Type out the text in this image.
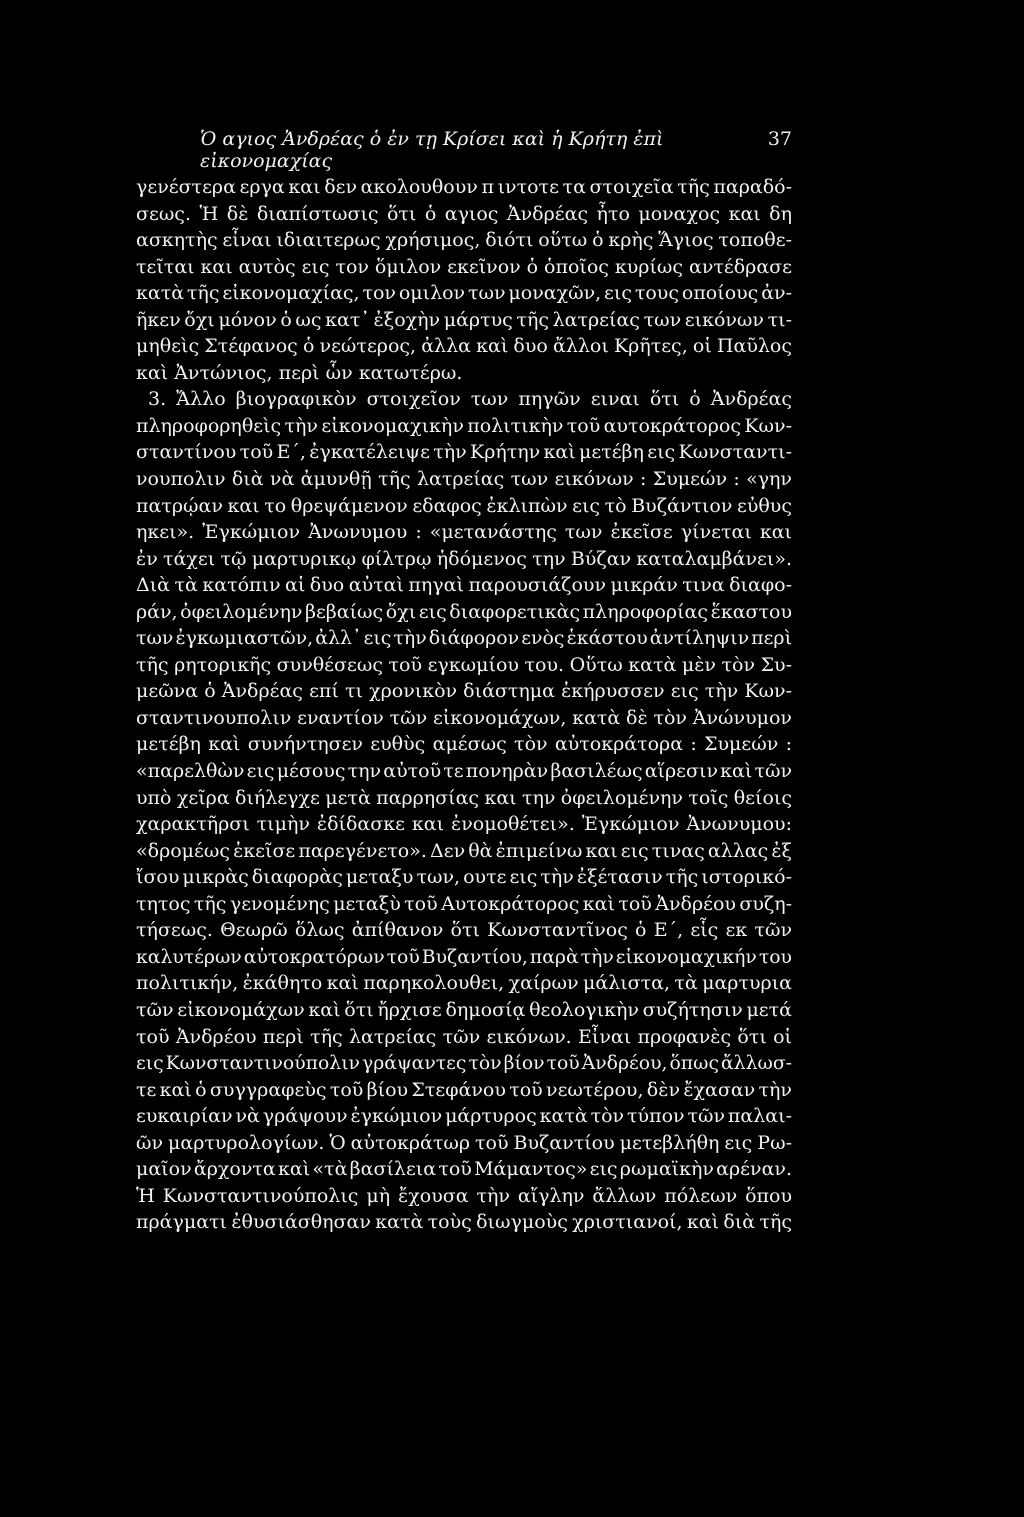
Ὁ αγιος Ἀνδρέας ὁ ἐν τῃ Κρίσει καὶ ἡ Κρήτη ἐπὶ εἰκονομαχίας
37
γενέστερα εργα και δεν ακολουθουν π ιντοτε τα στοιχεῖα τῆς παραδό-
σεως. Ἡ δὲ διαπίστωσις ὅτι ὁ αγιος Ἀνδρέας ἦτο μοναχος και δη
ασκητὴς εἶναι ιδιαιτερως χρήσιμος, διότι οὕτω ὁ κρὴς Ἅγιος τοποθε-
τεῖται και αυτὸς εις τον ὅμιλον εκεῖνον ὁ ὁποῖος κυρίως αντέδρασε
κατὰ τῆς εἰκονομαχίας, τον ομιλον των μοναχῶν, εις τους οποίους ἀν-
ῆκεν ὄχι μόνον ὁ ως κατ᾽ ἐξοχὴν μάρτυς τῆς λατρείας των εικόνων τι-
μηθεὶς Στέφανος ὁ νεώτερος, ἀλλα καὶ δυο ἄλλοι Κρῆτες, οἱ Παῦλος
καὶ Ἀντώνιος, περὶ ὧν κατωτέρω.
3. Ἄλλο βιογραφικὸν στοιχεῖον των πηγῶν ειναι ὅτι ὁ Ἀνδρέας
πληροφορηθεὶς τὴν εἰκονομαχικὴν πολιτικὴν τοῦ αυτοκράτορος Κων-
σταντίνου τοῦ Ε΄, ἐγκατέλειψε τὴν Κρήτην καὶ μετέβη εις Κωνσταντι-
νουπολιν διὰ νὰ ἀμυνθῇ τῆς λατρείας των εικόνων : Συμεών : «γην
πατρῴαν και το θρεψάμενον εδαφος ἐκλιπὼν εις τὸ Βυζάντιον εὐθυς
ηκει». Ἐγκώμιον Ἀνωνυμου : «μετανάστης των ἐκεῖσε γίνεται και
ἐν τάχει τῷ μαρτυρικῳ φίλτρῳ ἡδόμενος την Βύζαν καταλαμβάνει».
Διὰ τὰ κατόπιν αἱ δυο αὐταὶ πηγαὶ παρουσιάζουν μικράν τινα διαφο-
ράν, ὀφειλομένην βεβαίως ὄχι εις διαφορετικὰς πληροφορίας ἕκαστου
των ἐγκωμιαστῶν, ἀλλ᾽ εις τὴν διάφορον ενὸς ἑκάστου ἀντίληψιν περὶ
τῆς ρητορικῆς συνθέσεως τοῦ εγκωμίου του. Οὕτω κατὰ μὲν τὸν Συ-
μεῶνα ὁ Ἀνδρέας επί τι χρονικὸν διάστημα ἐκήρυσσεν εις τὴν Κων-
σταντινουπολιν εναντίον τῶν εἰκονομάχων, κατὰ δὲ τὸν Ἀνώνυμον
μετέβη καὶ συνήντησεν ευθὺς αμέσως τὸν αὐτοκράτορα : Συμεών :
«παρελθὼν εις μέσους την αὐτοῦ τε πονηρὰν βασιλέως αἵρεσιν καὶ τῶν
υπὸ χεῖρα διήλεγχε μετὰ παρρησίας και την ὀφειλομένην τοῖς θείοις
χαρακτῆρσι τιμὴν ἐδίδασκε και ἐνομοθέτει». Ἐγκώμιον Ἀνωνυμου:
«δρομέως ἐκεῖσε παρεγένετο». Δεν θὰ ἐπιμείνω και εις τινας αλλας ἐξ
ἴσου μικρὰς διαφορὰς μεταξυ των, ουτε εις τὴν ἐξέτασιν τῆς ιστορικό-
τητος τῆς γενομένης μεταξὺ τοῦ Αυτοκράτορος καὶ τοῦ Ἀνδρέου συζη-
τήσεως. Θεωρῶ ὅλως ἀπίθανον ὅτι Κωνσταντῖνος ὁ Ε΄, εἷς εκ τῶν
καλυτέρων αὐτοκρατόρων τοῦ Βυζαντίου, παρὰ τὴν εἰκονομαχικήν του
πολιτικήν, ἐκάθητο καὶ παρηκολουθει, χαίρων μάλιστα, τὰ μαρτυρια
τῶν εἰκονομάχων καὶ ὅτι ἤρχισε δημοσίᾳ θεολογικὴν συζήτησιν μετά
τοῦ Ἀνδρέου περὶ τῆς λατρείας τῶν εικόνων. Εἶναι προφανὲς ὅτι οἱ
εις Κωνσταντινούπολιν γράψαντες τὸν βίον τοῦ Ἀνδρέου, ὅπως ἄλλωσ-
τε καὶ ὁ συγγραφεὺς τοῦ βίου Στεφάνου τοῦ νεωτέρου, δὲν ἔχασαν τὴν
ευκαιρίαν νὰ γράψουν ἐγκώμιον μάρτυρος κατὰ τὸν τύπον τῶν παλαι-
ῶν μαρτυρολογίων. Ὁ αὐτοκράτωρ τοῦ Βυζαντίου μετεβλήθη εις Ρω-
μαῖον ἄρχοντα καὶ «τὰ βασίλεια τοῦ Μάμαντος» εις ρωμαϊκὴν αρέναν.
Ἡ Κωνσταντινούπολις μὴ ἔχουσα τὴν αἴγλην ἄλλων πόλεων ὅπου
πράγματι ἐθυσιάσθησαν κατὰ τοὺς διωγμοὺς χριστιανοί, καὶ διὰ τῆς
